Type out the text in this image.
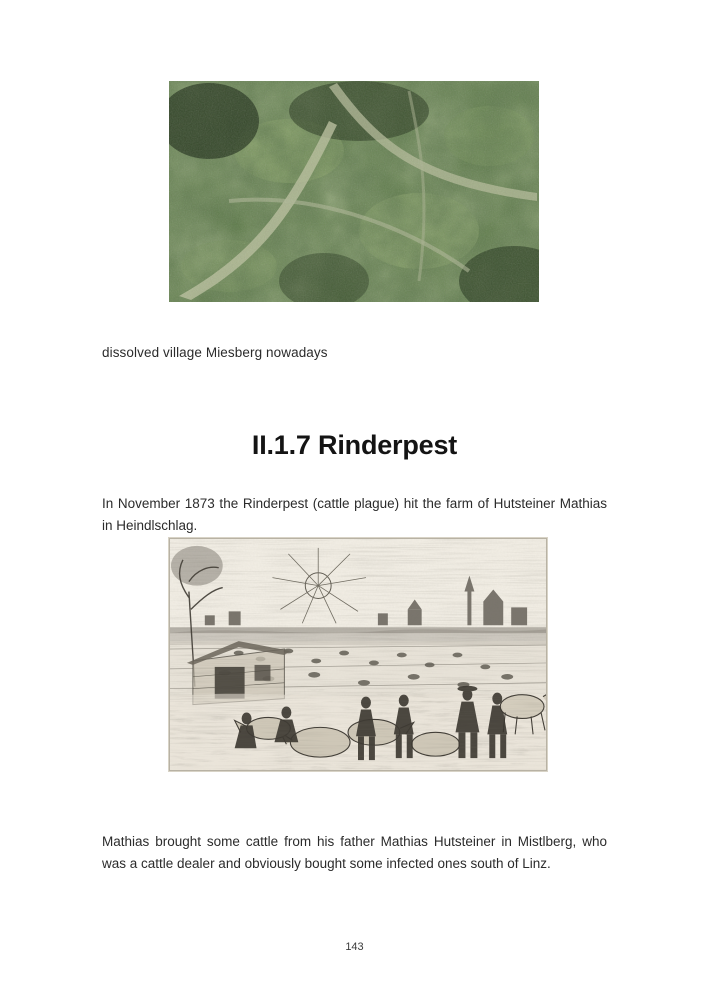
dissolved village Miesberg nowadays
II.1.7 Rinderpest

In November 1873 the Rinderpest (cattle plague) hit the farm of Hutsteiner Mathias in Heindlschlag.

Mathias brought some cattle from his father Mathias Hutsteiner in Mistlberg, who was a cattle dealer and obviously bought some infected ones south of Linz.

143
